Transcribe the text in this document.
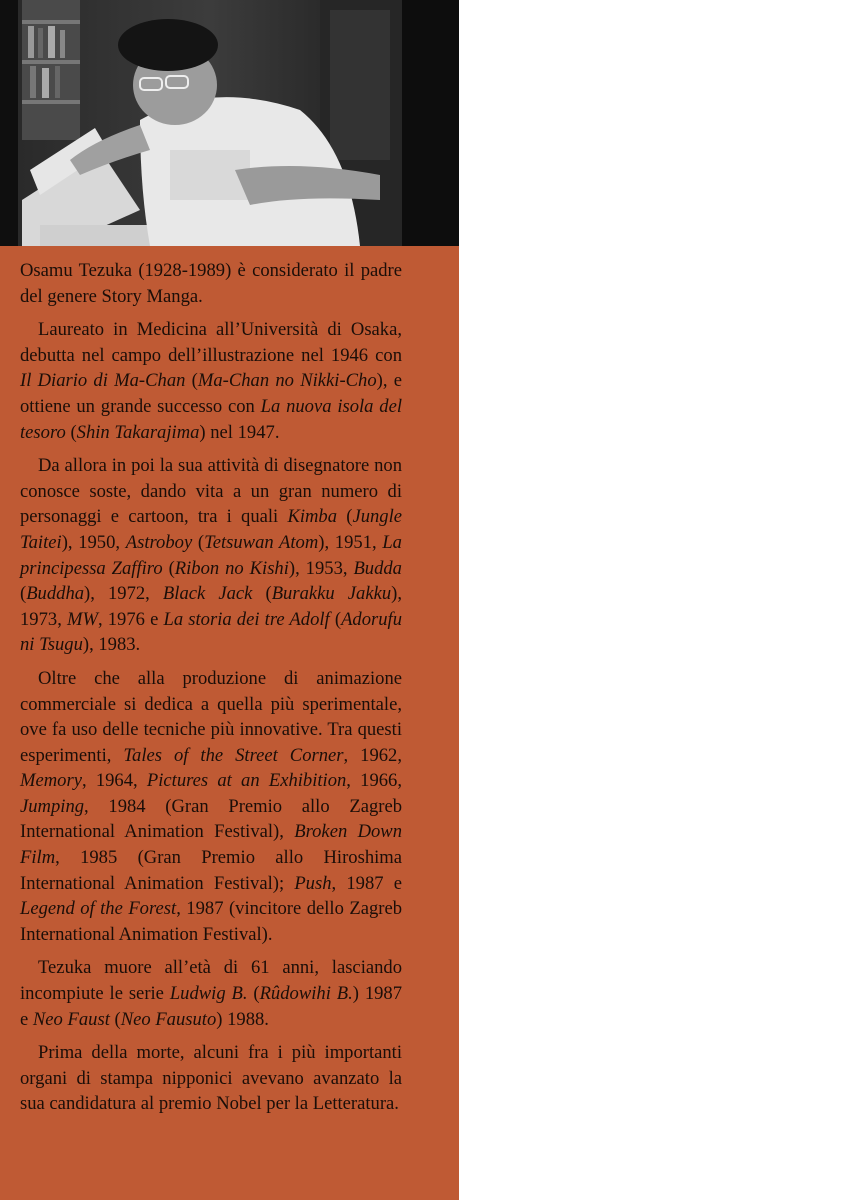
Osamu Tezuka (1928-1989) è considerato il padre del genere Story Manga.

Laureato in Medicina all’Università di Osaka, debutta nel campo dell’illustrazione nel 1946 con Il Diario di Ma-Chan (Ma-Chan no Nikki-Cho), e ottiene un grande successo con La nuova isola del tesoro (Shin Takarajima) nel 1947.

Da allora in poi la sua attività di disegnatore non conosce soste, dando vita a un gran numero di personaggi e cartoon, tra i quali Kimba (Jungle Taitei), 1950, Astroboy (Tetsuwan Atom), 1951, La principessa Zaffiro (Ribon no Kishi), 1953, Budda (Buddha), 1972, Black Jack (Burakku Jakku), 1973, MW, 1976 e La storia dei tre Adolf (Adorufu ni Tsugu), 1983.

Oltre che alla produzione di animazione commerciale si dedica a quella più sperimentale, ove fa uso delle tecniche più innovative. Tra questi esperimenti, Tales of the Street Corner, 1962, Memory, 1964, Pictures at an Exhibition, 1966, Jumping, 1984 (Gran Premio allo Zagreb International Animation Festival), Broken Down Film, 1985 (Gran Premio allo Hiroshima International Animation Festival); Push, 1987 e Legend of the Forest, 1987 (vincitore dello Zagreb International Animation Festival).

Tezuka muore all’età di 61 anni, lasciando incompiute le serie Ludwig B. (Rûdowihi B.) 1987 e Neo Faust (Neo Fausuto) 1988.

Prima della morte, alcuni fra i più importanti organi di stampa nipponici avevano avanzato la sua candidatura al premio Nobel per la Letteratura.
